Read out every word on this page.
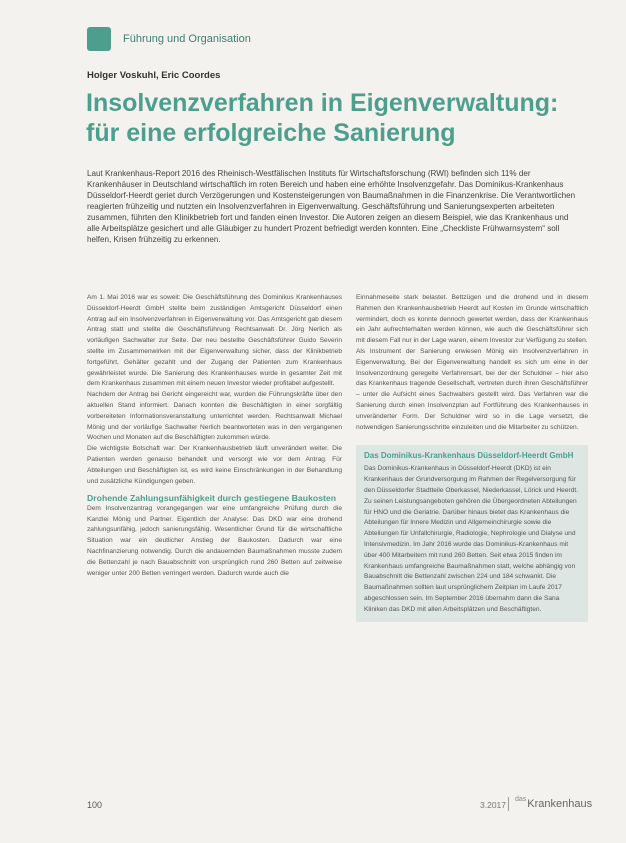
Führung und Organisation
Holger Voskuhl, Eric Coordes
Insolvenzverfahren in Eigenverwaltung: für eine erfolgreiche Sanierung

Laut Krankenhaus-Report 2016 des Rheinisch-Westfälischen Instituts für Wirtschaftsforschung (RWI) befinden sich 11% der Krankenhäuser in Deutschland wirtschaftlich im roten Bereich und haben eine erhöhte Insolvenzgefahr. Das Dominikus-Krankenhaus Düsseldorf-Heerdt geriet durch Verzögerungen und Kostensteigerungen von Baumaßnahmen in die Finanzenkrise. Die Verantwortlichen reagierten frühzeitig und nutzten ein Insolvenzverfahren in Eigenverwaltung. Geschäftsführung und Sanierungsexperten arbeiteten zusammen, führten den Klinikbetrieb fort und fanden einen Investor. Die Autoren zeigen an diesem Beispiel, wie das Krankenhaus und alle Arbeitsplätze gesichert und alle Gläubiger zu hundert Prozent befriedigt werden konnten. Eine „Checkliste Frühwarnsystem“ soll helfen, Krisen frühzeitig zu erkennen.

Am 1. Mai 2016 war es soweit: Die Geschäftsführung des Dominikus Krankenhauses Düsseldorf-Heerdt GmbH stellte beim zuständigen Amtsgericht Düsseldorf einen Antrag auf ein Insolvenzverfahren in Eigenverwaltung vor. Das Amtsgericht gab diesem Antrag statt und stellte die Geschäftsführung Rechtsanwalt Dr. Jörg Nerlich als vorläufigen Sachwalter zur Seite. Der neu bestellte Geschäftsführer Guido Severin stellte im Zusammenwirken mit der Eigenverwaltung sicher, dass der Klinikbetrieb fortgeführt, Gehälter gezahlt und der Zugang der Patienten zum Krankenhaus gewährleistet wurde. Die Sanierung des Krankenhauses wurde in gesamter Zeit mit dem Krankenhaus zusammen mit einem neuen Investor wieder profitabel aufgestellt.

Nachdem der Antrag bei Gericht eingereicht war, wurden die Führungskräfte über den aktuellen Stand informiert. Danach konnten die Beschäftigten in einer sorgfältig vorbereiteten Informationsveranstaltung unterrichtet werden. Rechtsanwalt Michael Mönig und der vorläufige Sachwalter Nerlich beantworteten was in den vergangenen Wochen und Monaten auf die Beschäftigten zukommen würde.

Die wichtigste Botschaft war: Der Krankenhausbetrieb läuft unverändert weiter. Die Patienten werden genauso behandelt und versorgt wie vor dem Antrag. Für Abteilungen und Beschäftigten ist, es wird keine Einschränkungen in der Behandlung und zusätzliche Kündigungen geben.

Drohende Zahlungsunfähigkeit durch gestiegene Baukosten

Dem Insolvenzantrag vorangegangen war eine umfangreiche Prüfung durch die Kanzlei Mönig und Partner. Eigentlich der Analyse: Das DKD war eine drohend zahlungsunfähig, jedoch sanierungsfähig. Wesentlicher Grund für die wirtschaftliche Situation war ein deutlicher Anstieg der Baukosten. Dadurch war eine Nachfinanzierung notwendig. Durch die andauernden Baumaßnahmen musste zudem die Bettenzahl je nach Bauabschnitt von ursprünglich rund 260 Betten auf zeitweise weniger unter 200 Betten verringert werden. Dadurch wurde auch die

Einnahmeseite stark belastet. Bettzügen und die drohend und in diesem Rahmen den Krankenhausbetrieb Heerdt auf Kosten im Grunde wirtschaftlich vermindert, doch es konnte dennoch gewertet werden, dass der Krankenhaus ein Jahr aufrechterhalten werden können, wie auch die Geschäftsführer sich mit diesem Fall nur in der Lage waren, einem Investor zur Verfügung zu stellen.

Als Instrument der Sanierung erwiesen Mönig ein Insolvenzverfahren in Eigenverwaltung. Bei der Eigenverwaltung handelt es sich um eine in der Insolvenzordnung geregelte Verfahrensart, bei der der Schuldner – hier also das Krankenhaus tragende Gesellschaft, vertreten durch ihren Geschäftsführer – unter die Aufsicht eines Sachwalters gestellt wird. Das Verfahren war die Sanierung durch einen Insolvenzplan auf Fortführung des Krankenhauses in unveränderter Form. Der Schuldner wird so in die Lage versetzt, die notwendigen Sanierungsschritte einzuleiten und die Mitarbeiter zu schützen.

Das Dominikus-Krankenhaus Düsseldorf-Heerdt GmbH

Das Dominikus-Krankenhaus in Düsseldorf-Heerdt (DKD) ist ein Krankenhaus der Grundversorgung im Rahmen der Regelversorgung für den Düsseldorfer Stadtteile Oberkassel, Niederkassel, Lörick und Heerdt. Zu seinen Leistungsangeboten gehören die Übergeordneten Abteilungen für HNO und die Geriatrie. Darüber hinaus bietet das Krankenhaus die Abteilungen für Innere Medizin und Allgemeinchirurgie sowie die Abteilungen für Unfallchirurgie, Radiologie, Nephrologie und Dialyse und Intensivmedizin. Im Jahr 2016 wurde das Dominikus-Krankenhaus mit über 400 Mitarbeitern mit rund 260 Betten. Seit etwa 2015 finden im Krankenhaus umfangreiche Baumaßnahmen statt, welche abhängig von Bauabschnitt die Bettenzahl zwischen 224 und 184 schwankt. Die Baumaßnahmen sollten laut ursprünglichem Zeitplan im Laufe 2017 abgeschlossen sein. Im September 2016 übernahm dann die Sana Kliniken das DKD mit allen Arbeitsplätzen und Beschäftigten.

100	3.2017
das Krankenhaus
